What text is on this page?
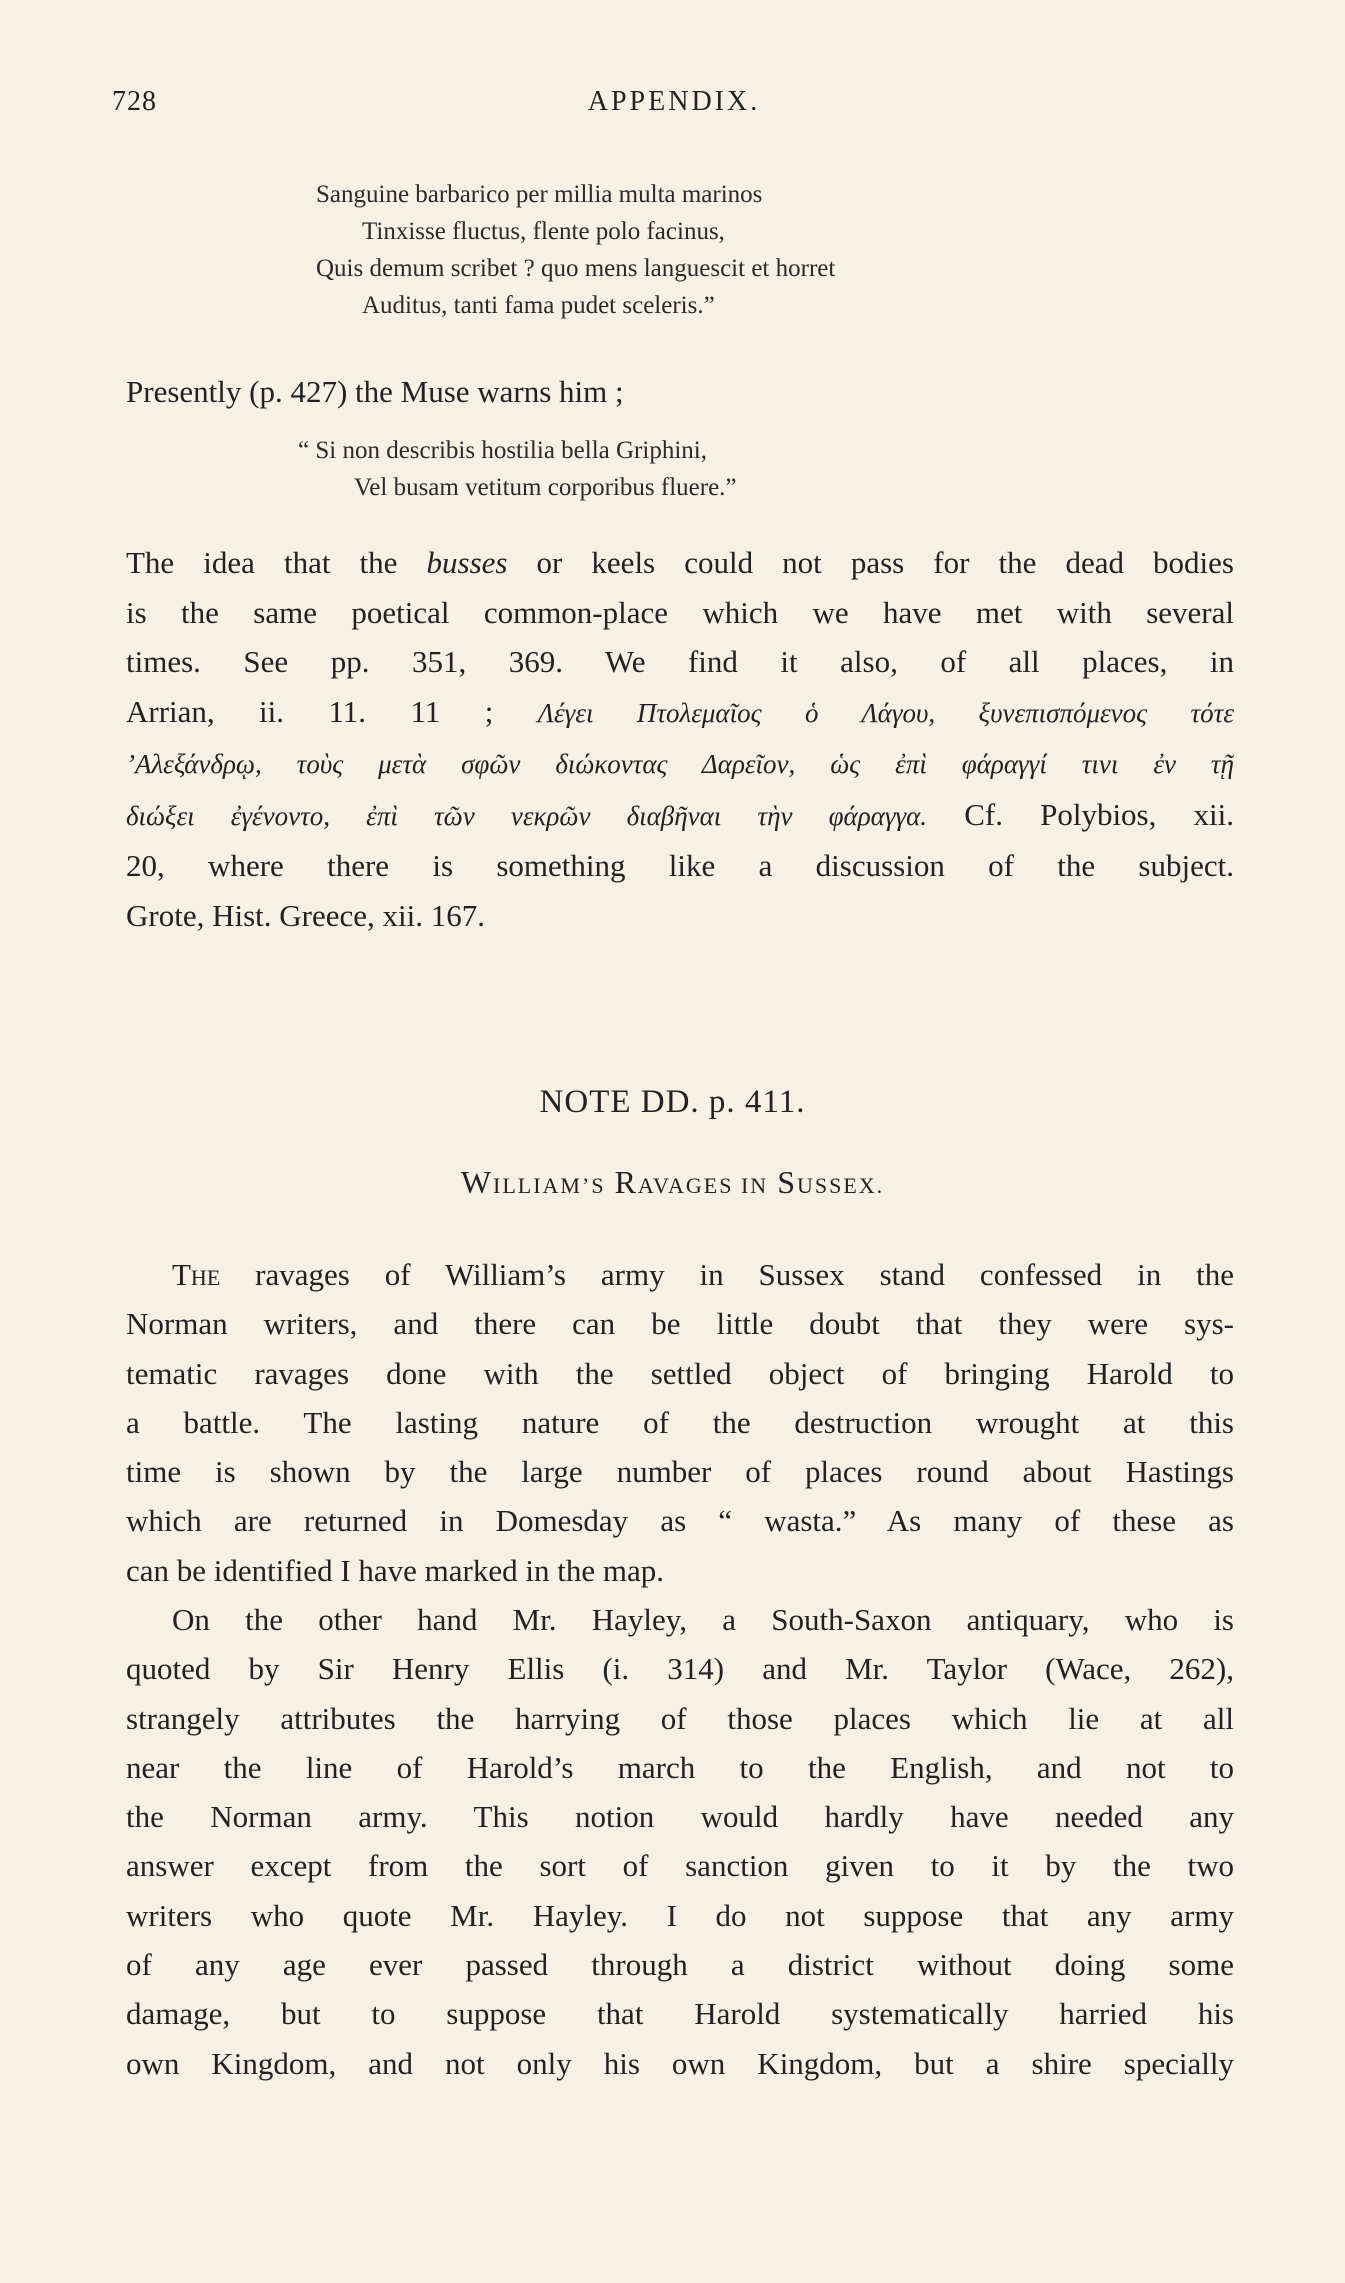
728	APPENDIX.
Sanguine barbarico per millia multa marinos
Tinxisse fluctus, flente polo facinus,
Quis demum scribet ? quo mens languescit et horret
Auditus, tanti fama pudet sceleris.”
Presently (p. 427) the Muse warns him ;
“ Si non describis hostilia bella Griphini,
Vel busam vetitum corporibus fluere.”
The idea that the busses or keels could not pass for the dead bodies
is the same poetical common-place which we have met with several
times. See pp. 351, 369. We find it also, of all places, in
Arrian, ii. 11. 11 ; Λέγει Πτολεμαῖος ὁ Λάγου, ξυνεπισπόμενος τότε
’Αλεξάνδρῳ, τοὺς μετὰ σφῶν διώκοντας Δαρεῖον, ὡς ἐπὶ φάραγγί τινι ἐν τῇ
διώξει ἐγένοντο, ἐπὶ τῶν νεκρῶν διαβῆναι τὴν φάραγγα. Cf. Polybios, xii.
20, where there is something like a discussion of the subject.
Grote, Hist. Greece, xii. 167.
NOTE DD. p. 411.
WILLIAM’S RAVAGES IN SUSSEX.
The ravages of William’s army in Sussex stand confessed in the
Norman writers, and there can be little doubt that they were sys-
tematic ravages done with the settled object of bringing Harold to
a battle. The lasting nature of the destruction wrought at this
time is shown by the large number of places round about Hastings
which are returned in Domesday as “ wasta.” As many of these as
can be identified I have marked in the map.
On the other hand Mr. Hayley, a South-Saxon antiquary, who is
quoted by Sir Henry Ellis (i. 314) and Mr. Taylor (Wace, 262),
strangely attributes the harrying of those places which lie at all
near the line of Harold’s march to the English, and not to
the Norman army. This notion would hardly have needed any
answer except from the sort of sanction given to it by the two
writers who quote Mr. Hayley. I do not suppose that any army
of any age ever passed through a district without doing some
damage, but to suppose that Harold systematically harried his
own Kingdom, and not only his own Kingdom, but a shire specially
